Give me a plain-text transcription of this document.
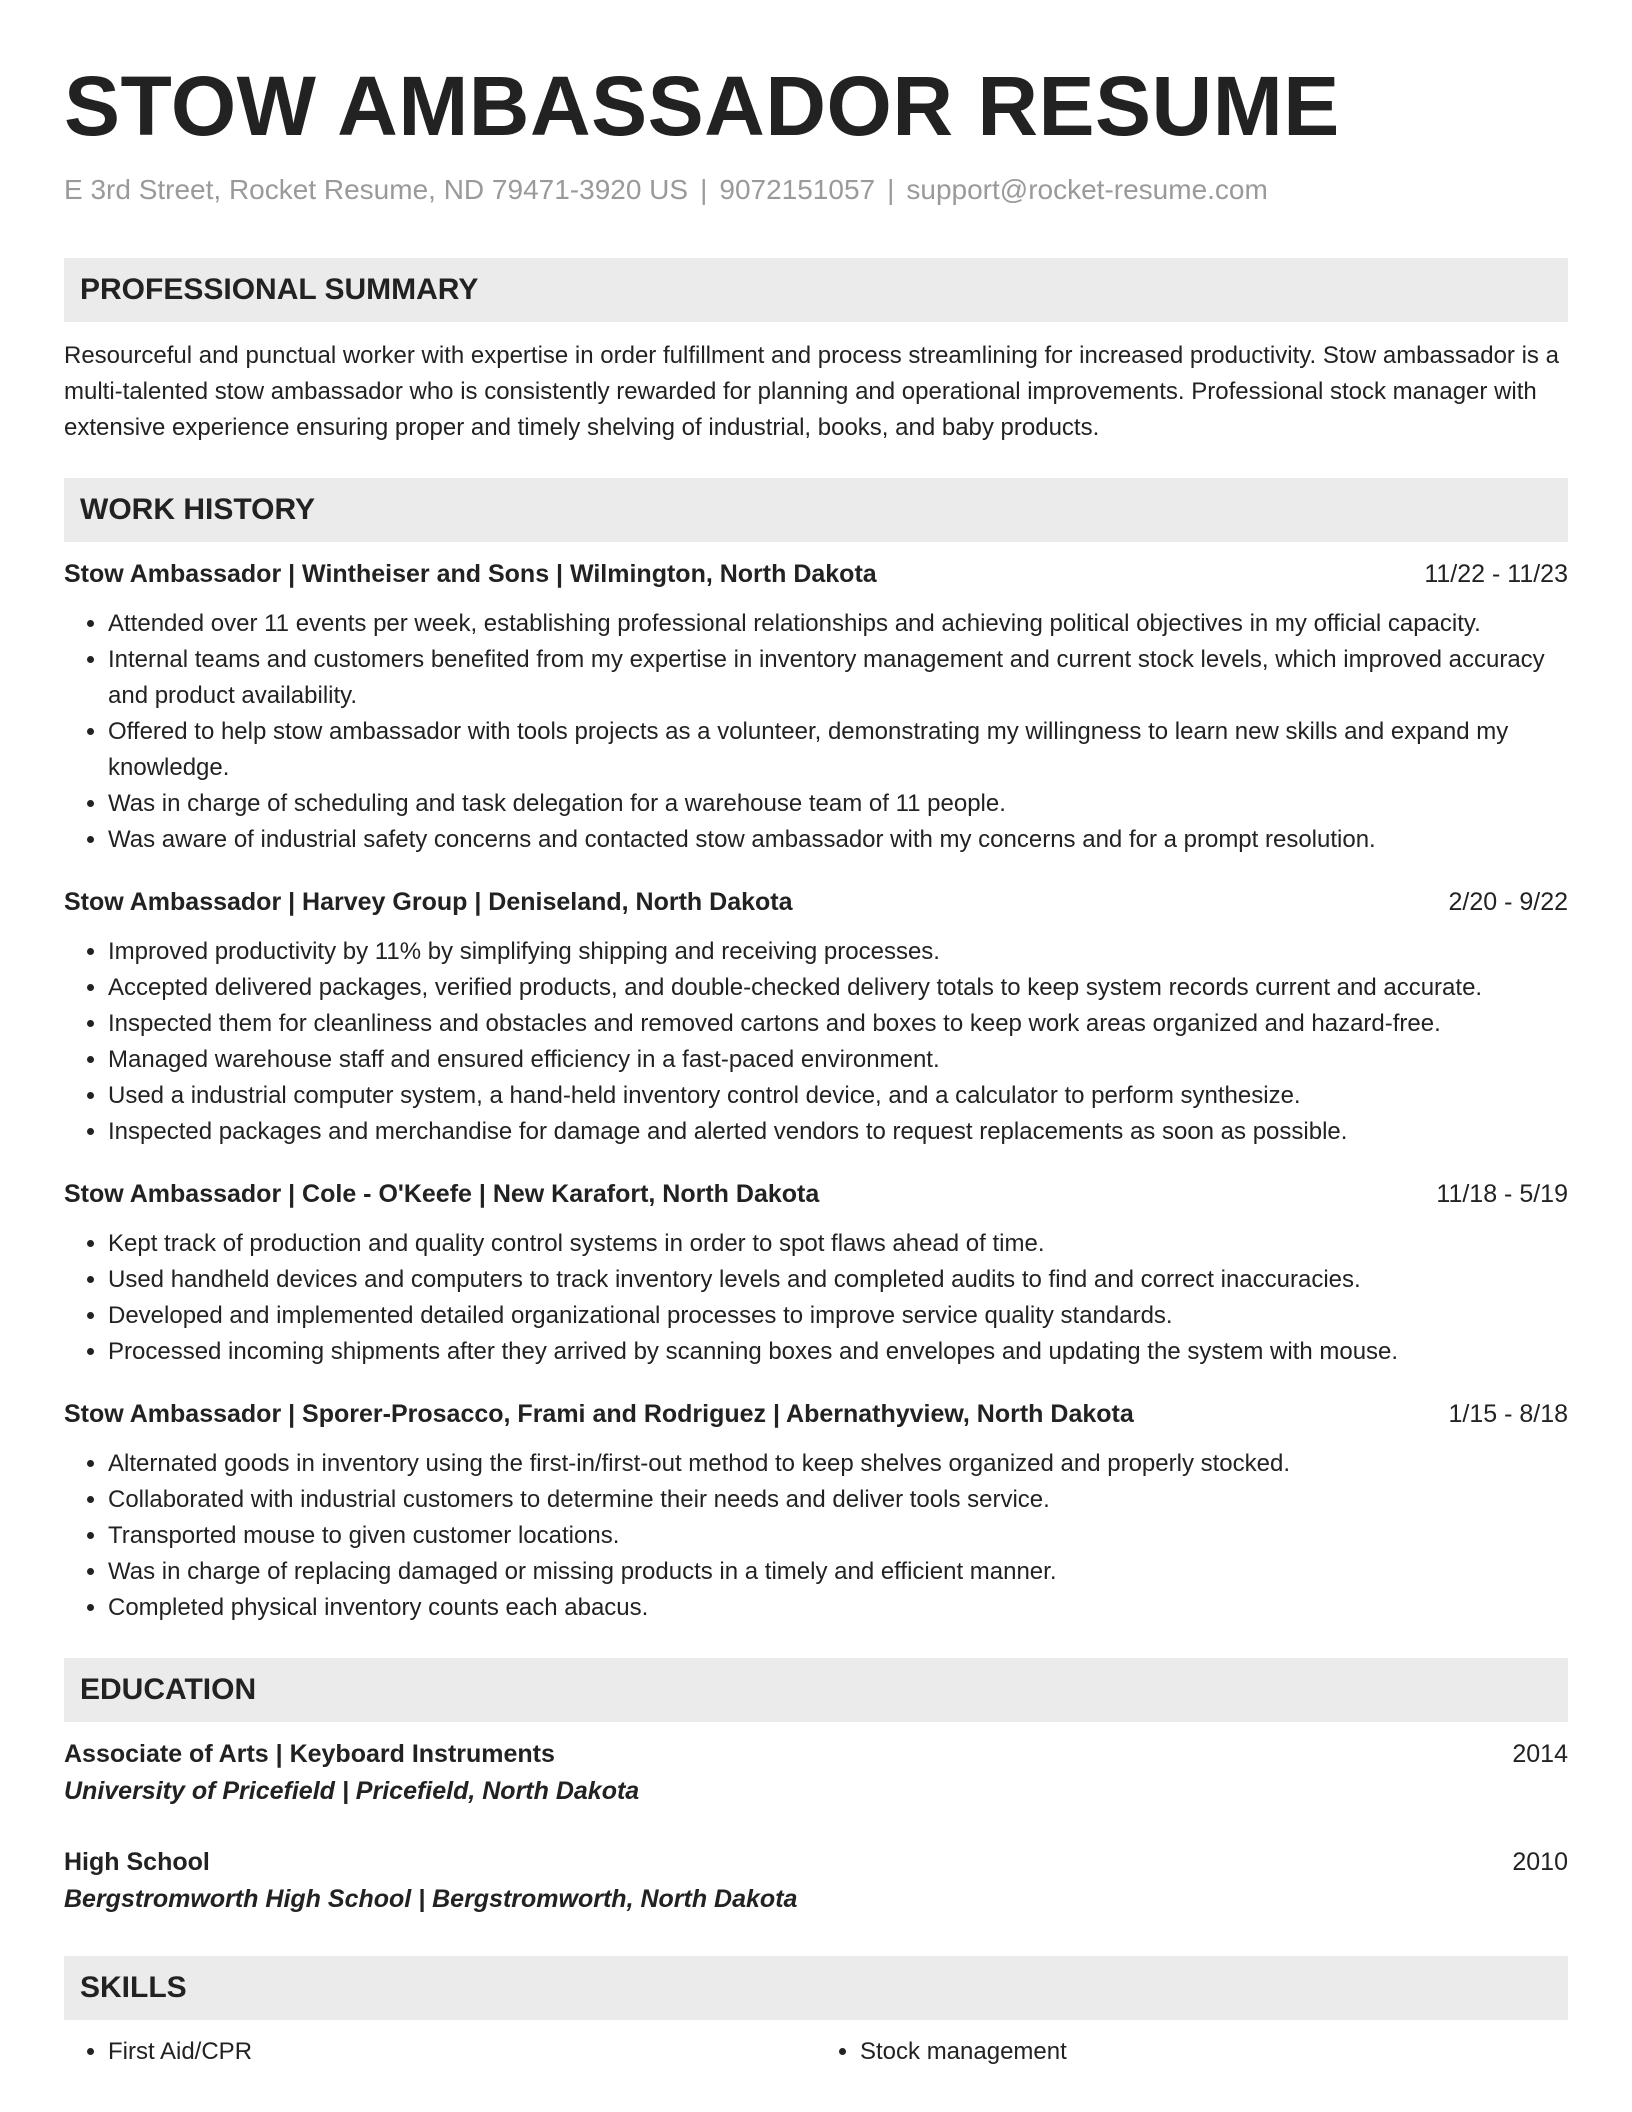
STOW AMBASSADOR RESUME
E 3rd Street, Rocket Resume, ND 79471-3920 US | 9072151057 | support@rocket-resume.com
PROFESSIONAL SUMMARY
Resourceful and punctual worker with expertise in order fulfillment and process streamlining for increased productivity. Stow ambassador is a multi-talented stow ambassador who is consistently rewarded for planning and operational improvements. Professional stock manager with extensive experience ensuring proper and timely shelving of industrial, books, and baby products.
WORK HISTORY
Stow Ambassador | Wintheiser and Sons | Wilmington, North Dakota	11/22 - 11/23
• Attended over 11 events per week, establishing professional relationships and achieving political objectives in my official capacity.
• Internal teams and customers benefited from my expertise in inventory management and current stock levels, which improved accuracy and product availability.
• Offered to help stow ambassador with tools projects as a volunteer, demonstrating my willingness to learn new skills and expand my knowledge.
• Was in charge of scheduling and task delegation for a warehouse team of 11 people.
• Was aware of industrial safety concerns and contacted stow ambassador with my concerns and for a prompt resolution.
Stow Ambassador | Harvey Group | Deniseland, North Dakota	2/20 - 9/22
• Improved productivity by 11% by simplifying shipping and receiving processes.
• Accepted delivered packages, verified products, and double-checked delivery totals to keep system records current and accurate.
• Inspected them for cleanliness and obstacles and removed cartons and boxes to keep work areas organized and hazard-free.
• Managed warehouse staff and ensured efficiency in a fast-paced environment.
• Used a industrial computer system, a hand-held inventory control device, and a calculator to perform synthesize.
• Inspected packages and merchandise for damage and alerted vendors to request replacements as soon as possible.
Stow Ambassador | Cole - O'Keefe | New Karafort, North Dakota	11/18 - 5/19
• Kept track of production and quality control systems in order to spot flaws ahead of time.
• Used handheld devices and computers to track inventory levels and completed audits to find and correct inaccuracies.
• Developed and implemented detailed organizational processes to improve service quality standards.
• Processed incoming shipments after they arrived by scanning boxes and envelopes and updating the system with mouse.
Stow Ambassador | Sporer-Prosacco, Frami and Rodriguez | Abernathyview, North Dakota	1/15 - 8/18
• Alternated goods in inventory using the first-in/first-out method to keep shelves organized and properly stocked.
• Collaborated with industrial customers to determine their needs and deliver tools service.
• Transported mouse to given customer locations.
• Was in charge of replacing damaged or missing products in a timely and efficient manner.
• Completed physical inventory counts each abacus.
EDUCATION
Associate of Arts | Keyboard Instruments	2014
University of Pricefield | Pricefield, North Dakota
High School	2010
Bergstromworth High School | Bergstromworth, North Dakota
SKILLS
• First Aid/CPR
•	Stock management
